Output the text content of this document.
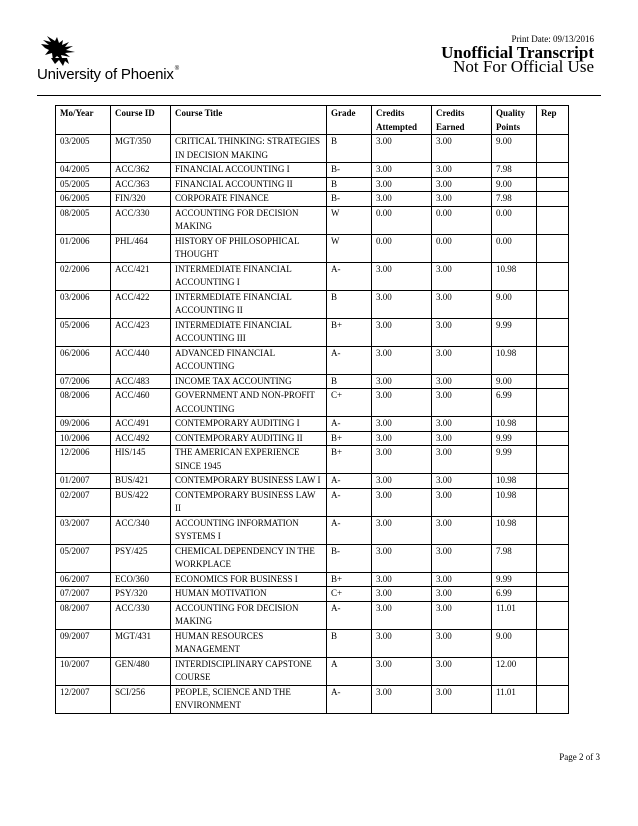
Print Date: 09/13/2016
Unofficial Transcript
Not For Official Use
University of Phoenix®
Mo/Year	Course ID	Course Title	Grade	Credits Attempted	Credits Earned	Quality Points	Rep
03/2005	MGT/350	CRITICAL THINKING: STRATEGIES IN DECISION MAKING	B	3.00	3.00	9.00	
04/2005	ACC/362	FINANCIAL ACCOUNTING I	B-	3.00	3.00	7.98	
05/2005	ACC/363	FINANCIAL ACCOUNTING II	B	3.00	3.00	9.00	
06/2005	FIN/320	CORPORATE FINANCE	B-	3.00	3.00	7.98	
08/2005	ACC/330	ACCOUNTING FOR DECISION MAKING	W	0.00	0.00	0.00	
01/2006	PHL/464	HISTORY OF PHILOSOPHICAL THOUGHT	W	0.00	0.00	0.00	
02/2006	ACC/421	INTERMEDIATE FINANCIAL ACCOUNTING I	A-	3.00	3.00	10.98	
03/2006	ACC/422	INTERMEDIATE FINANCIAL ACCOUNTING II	B	3.00	3.00	9.00	
05/2006	ACC/423	INTERMEDIATE FINANCIAL ACCOUNTING III	B+	3.00	3.00	9.99	
06/2006	ACC/440	ADVANCED FINANCIAL ACCOUNTING	A-	3.00	3.00	10.98	
07/2006	ACC/483	INCOME TAX ACCOUNTING	B	3.00	3.00	9.00	
08/2006	ACC/460	GOVERNMENT AND NON-PROFIT ACCOUNTING	C+	3.00	3.00	6.99	
09/2006	ACC/491	CONTEMPORARY AUDITING I	A-	3.00	3.00	10.98	
10/2006	ACC/492	CONTEMPORARY AUDITING II	B+	3.00	3.00	9.99	
12/2006	HIS/145	THE AMERICAN EXPERIENCE SINCE 1945	B+	3.00	3.00	9.99	
01/2007	BUS/421	CONTEMPORARY BUSINESS LAW I	A-	3.00	3.00	10.98	
02/2007	BUS/422	CONTEMPORARY BUSINESS LAW II	A-	3.00	3.00	10.98	
03/2007	ACC/340	ACCOUNTING INFORMATION SYSTEMS I	A-	3.00	3.00	10.98	
05/2007	PSY/425	CHEMICAL DEPENDENCY IN THE WORKPLACE	B-	3.00	3.00	7.98	
06/2007	ECO/360	ECONOMICS FOR BUSINESS I	B+	3.00	3.00	9.99	
07/2007	PSY/320	HUMAN MOTIVATION	C+	3.00	3.00	6.99	
08/2007	ACC/330	ACCOUNTING FOR DECISION MAKING	A-	3.00	3.00	11.01	
09/2007	MGT/431	HUMAN RESOURCES MANAGEMENT	B	3.00	3.00	9.00	
10/2007	GEN/480	INTERDISCIPLINARY CAPSTONE COURSE	A	3.00	3.00	12.00	
12/2007	SCI/256	PEOPLE, SCIENCE AND THE ENVIRONMENT	A-	3.00	3.00	11.01	
Page 2 of 3
